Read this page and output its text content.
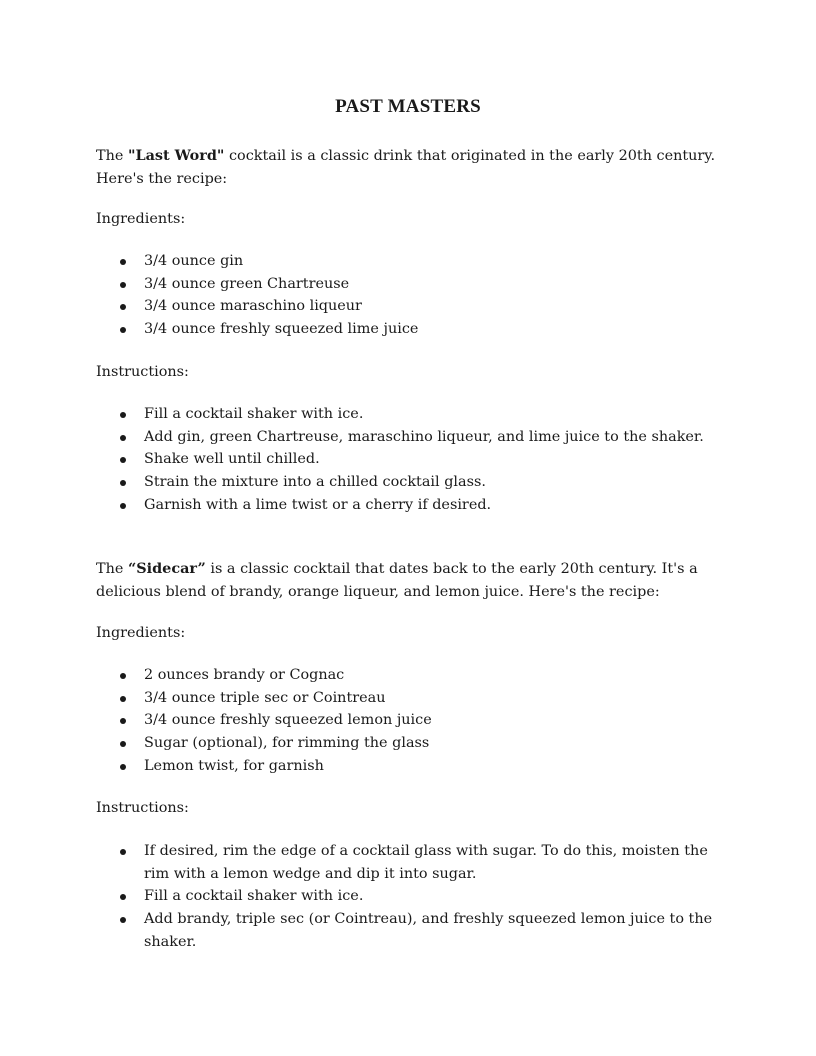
PAST MASTERS

The "Last Word" cocktail is a classic drink that originated in the early 20th century. Here's the recipe:

Ingredients:

3/4 ounce gin
3/4 ounce green Chartreuse
3/4 ounce maraschino liqueur
3/4 ounce freshly squeezed lime juice

Instructions:

Fill a cocktail shaker with ice.
Add gin, green Chartreuse, maraschino liqueur, and lime juice to the shaker.
Shake well until chilled.
Strain the mixture into a chilled cocktail glass.
Garnish with a lime twist or a cherry if desired.

The “Sidecar” is a classic cocktail that dates back to the early 20th century. It's a delicious blend of brandy, orange liqueur, and lemon juice. Here's the recipe:

Ingredients:

2 ounces brandy or Cognac
3/4 ounce triple sec or Cointreau
3/4 ounce freshly squeezed lemon juice
Sugar (optional), for rimming the glass
Lemon twist, for garnish

Instructions:

If desired, rim the edge of a cocktail glass with sugar. To do this, moisten the rim with a lemon wedge and dip it into sugar.
Fill a cocktail shaker with ice.
Add brandy, triple sec (or Cointreau), and freshly squeezed lemon juice to the shaker.
